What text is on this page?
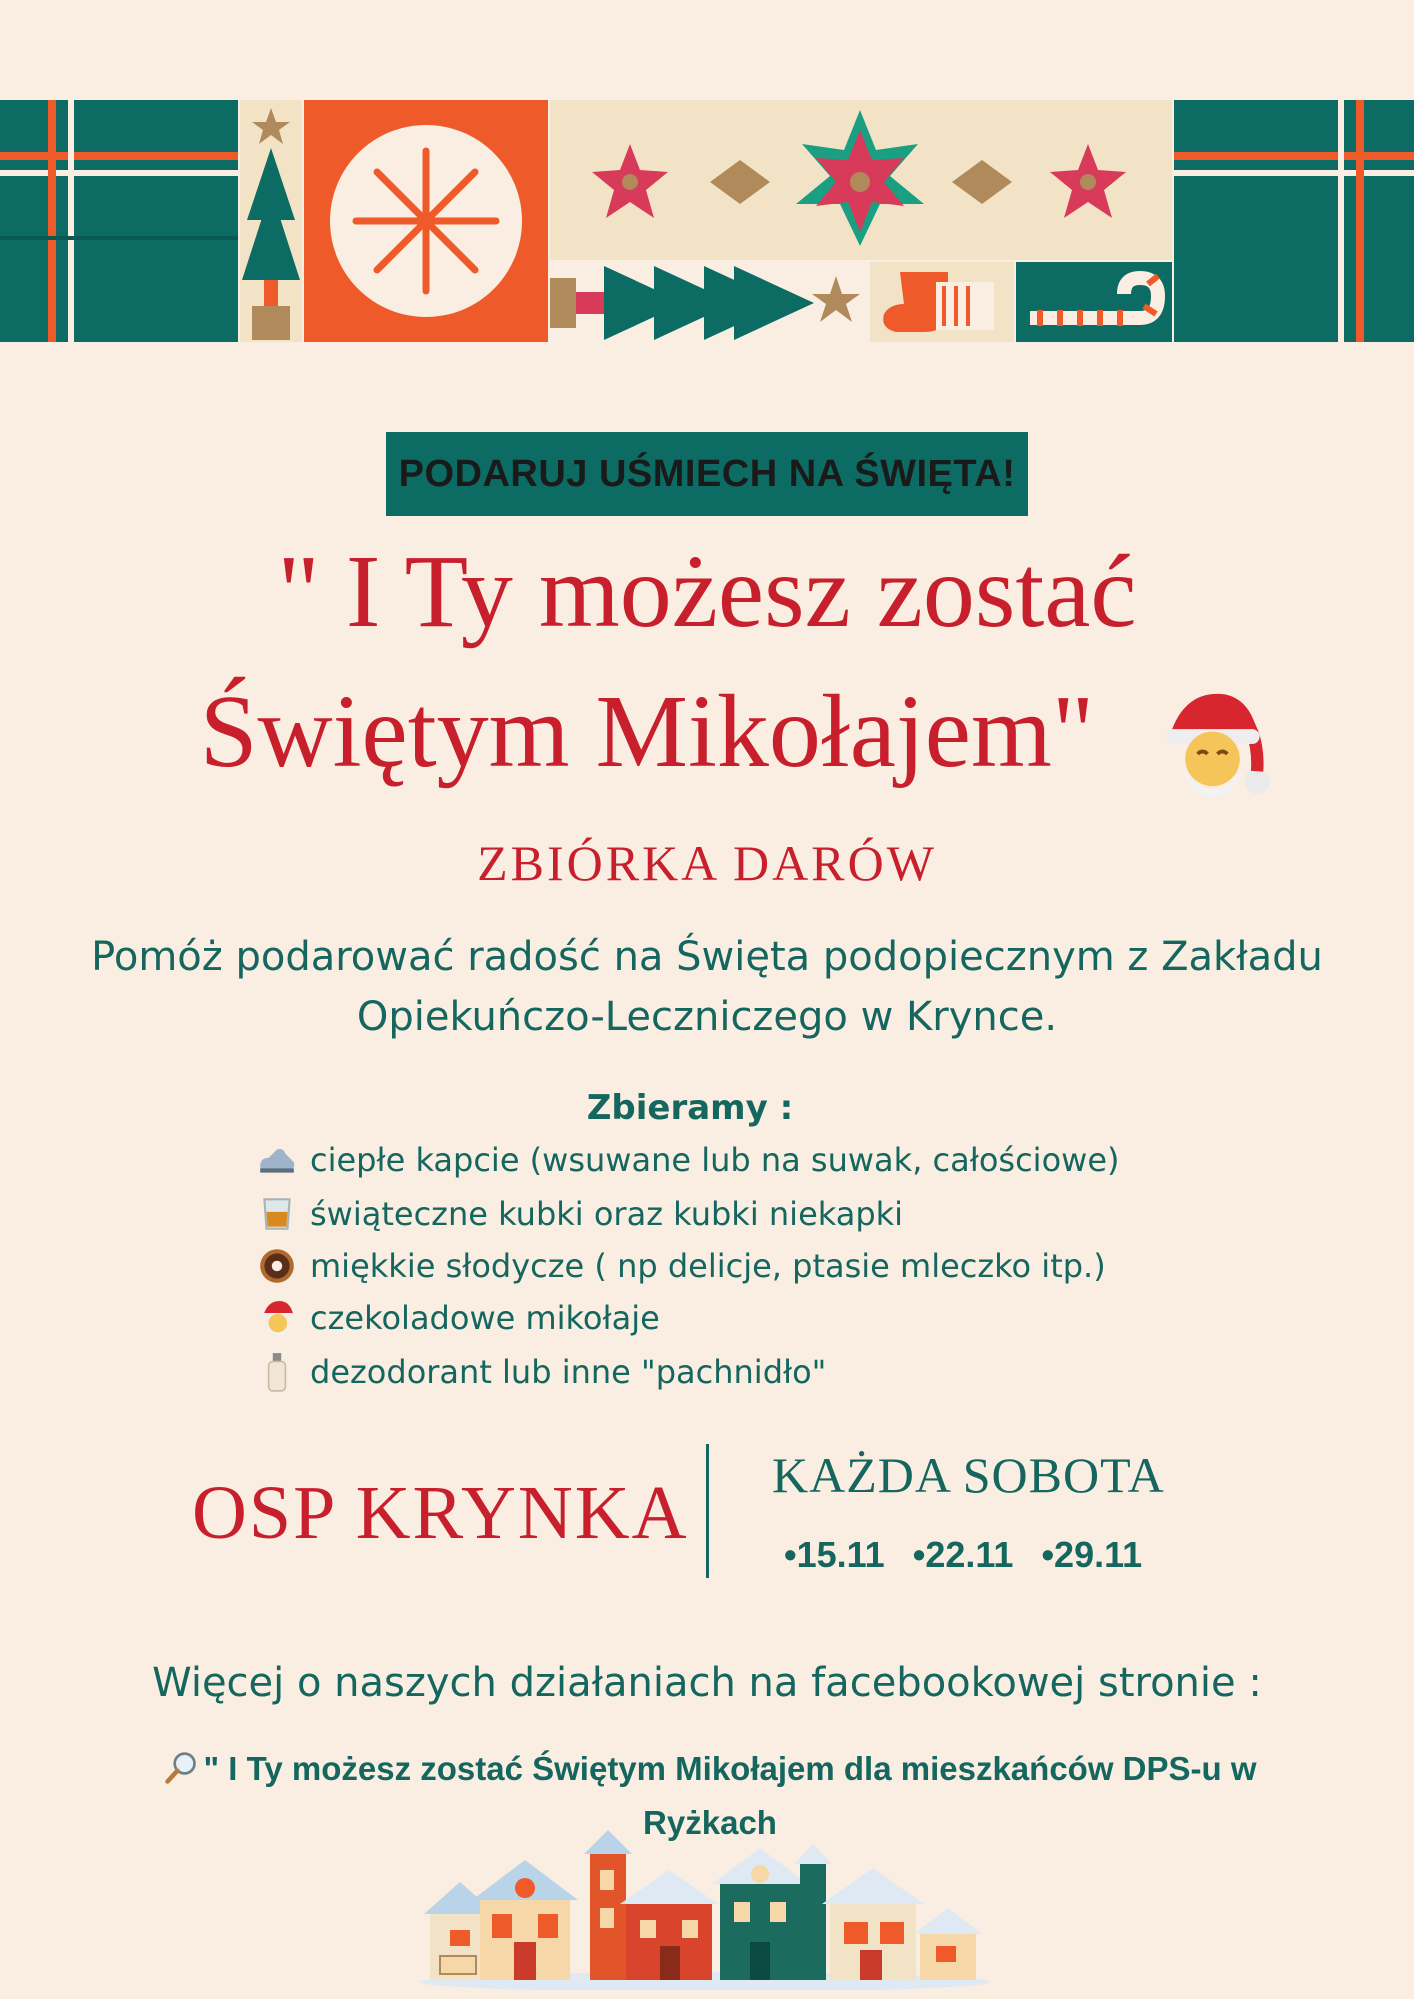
PODARUJ UŚMIECH NA ŚWIĘTA!
" I Ty możesz zostać
Świętym Mikołajem"
ZBIÓRKA DARÓW
Pomóż podarować radość na Święta podopiecznym z Zakładu
Opiekuńczo-Leczniczego w Krynce.
Zbieramy :
ciepłe kapcie (wsuwane lub na suwak, całościowe)
świąteczne kubki oraz kubki niekapki
miękkie słodycze ( np delicje, ptasie mleczko itp.)
czekoladowe mikołaje
dezodorant lub inne "pachnidło"
OSP KRYNKA KAŻDA SOBOTA
•15.11 •22.11 •29.11
Więcej o naszych działaniach na facebookowej stronie :
" I Ty możesz zostać Świętym Mikołajem dla mieszkańców DPS-u w
Ryżkach
